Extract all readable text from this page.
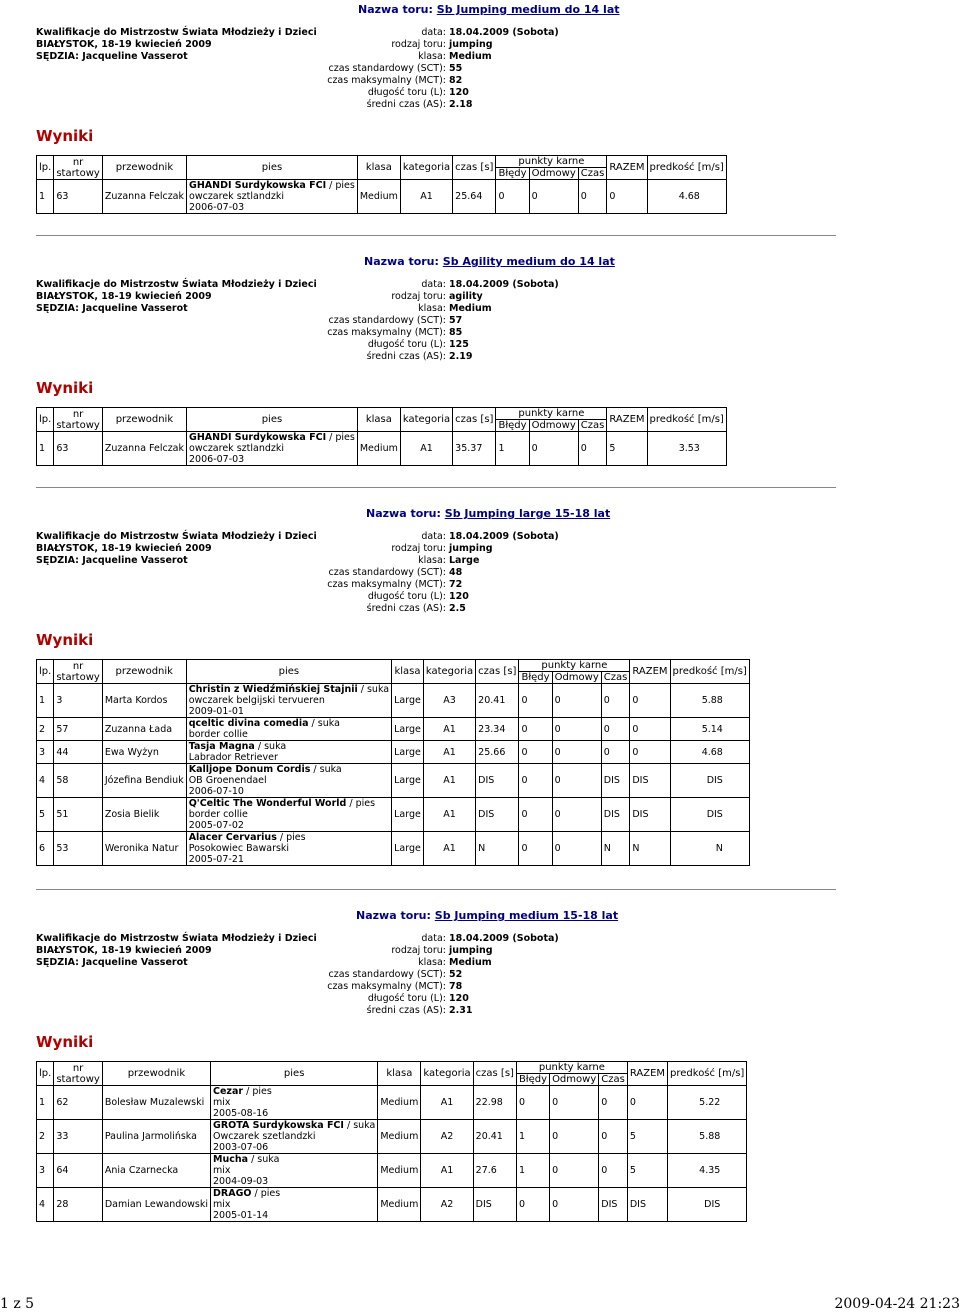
Nazwa toru: Sb Jumping medium do 14 lat
Kwalifikacje do Mistrzostw Świata Młodzieży i Dzieci
BIAŁYSTOK, 18-19 kwiecień 2009
SĘDZIA: Jacqueline Vasserot
data: 18.04.2009 (Sobota)
rodzaj toru: jumping
klasa: Medium
czas standardowy (SCT): 55
czas maksymalny (MCT): 82
długość toru (L): 120
średni czas (AS): 2.18
Wyniki
lp.	nr
startowy	przewodnik	pies	klasa	kategoria	czas [s]	punkty karne			RAZEM	predkość [m/s]
							Błędy	Odmowy	Czas		
1	63	Zuzanna Felczak	GHANDI Surdykowska FCI / pies
owczarek sztlandzki
2006-07-03	Medium	A1	25.64	0	0	0	0	4.68
Nazwa toru: Sb Agility medium do 14 lat
Kwalifikacje do Mistrzostw Świata Młodzieży i Dzieci
BIAŁYSTOK, 18-19 kwiecień 2009
SĘDZIA: Jacqueline Vasserot
data: 18.04.2009 (Sobota)
rodzaj toru: agility
klasa: Medium
czas standardowy (SCT): 57
czas maksymalny (MCT): 85
długość toru (L): 125
średni czas (AS): 2.19
Wyniki
lp.	nr
startowy	przewodnik	pies	klasa	kategoria	czas [s]	punkty karne			RAZEM	predkość [m/s]
							Błędy	Odmowy	Czas		
1	63	Zuzanna Felczak	GHANDI Surdykowska FCI / pies
owczarek sztlandzki
2006-07-03	Medium	A1	35.37	1	0	0	5	3.53
Nazwa toru: Sb Jumping large 15-18 lat
Kwalifikacje do Mistrzostw Świata Młodzieży i Dzieci
BIAŁYSTOK, 18-19 kwiecień 2009
SĘDZIA: Jacqueline Vasserot
data: 18.04.2009 (Sobota)
rodzaj toru: jumping
klasa: Large
czas standardowy (SCT): 48
czas maksymalny (MCT): 72
długość toru (L): 120
średni czas (AS): 2.5
Wyniki
lp.	nr
startowy	przewodnik	pies	klasa	kategoria	czas [s]	punkty karne			RAZEM	predkość [m/s]
							Błędy	Odmowy	Czas		
1	3	Marta Kordos	Christin z Wiedźmińskiej Stajnii / suka
owczarek belgijski tervueren
2009-01-01	Large	A3	20.41	0	0	0	0	5.88
2	57	Zuzanna Łada	qceltic divina comedia / suka
border collie	Large	A1	23.34	0	0	0	0	5.14
3	44	Ewa Wyżyn	Tasja Magna / suka
Labrador Retriever	Large	A1	25.66	0	0	0	0	4.68
4	58	Józefina Bendiuk	Kalljope Donum Cordis / suka
OB Groenendael
2006-07-10	Large	A1	DIS	0	0	DIS	DIS	DIS
5	51	Zosia Bielik	Q'Celtic The Wonderful World / pies
border collie
2005-07-02	Large	A1	DIS	0	0	DIS	DIS	DIS
6	53	Weronika Natur	Alacer Cervarius / pies
Posokowiec Bawarski
2005-07-21	Large	A1	N	0	0	N	N	N
Nazwa toru: Sb Jumping medium 15-18 lat
Kwalifikacje do Mistrzostw Świata Młodzieży i Dzieci
BIAŁYSTOK, 18-19 kwiecień 2009
SĘDZIA: Jacqueline Vasserot
data: 18.04.2009 (Sobota)
rodzaj toru: jumping
klasa: Medium
czas standardowy (SCT): 52
czas maksymalny (MCT): 78
długość toru (L): 120
średni czas (AS): 2.31
Wyniki
lp.	nr
startowy	przewodnik	pies	klasa	kategoria	czas [s]	punkty karne			RAZEM	predkość [m/s]
							Błędy	Odmowy	Czas		
1	62	Bolesław Muzalewski	Cezar / pies
mix
2005-08-16	Medium	A1	22.98	0	0	0	0	5.22
2	33	Paulina Jarmolińska	GROTA Surdykowska FCI / suka
Owczarek szetlandzki
2003-07-06	Medium	A2	20.41	1	0	0	5	5.88
3	64	Ania Czarnecka	Mucha / suka
mix
2004-09-03	Medium	A1	27.6	1	0	0	5	4.35
4	28	Damian Lewandowski	DRAGO / pies
mix
2005-01-14	Medium	A2	DIS	0	0	DIS	DIS	DIS
1 z 5	2009-04-24 21:23
